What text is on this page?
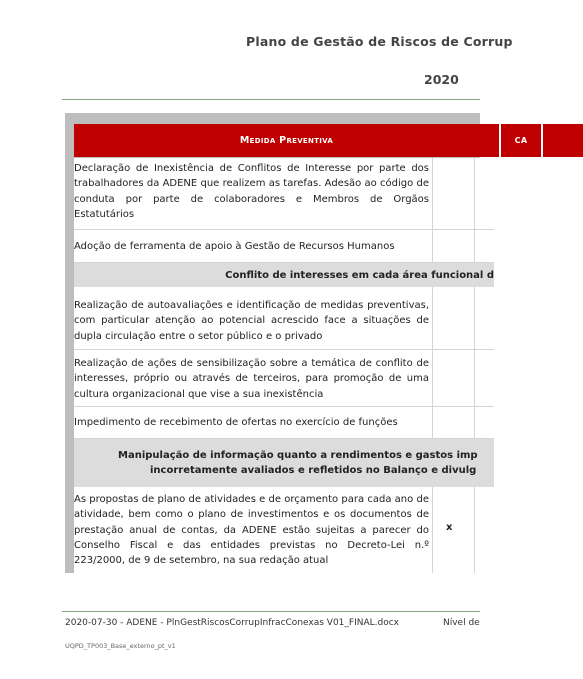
Plano de Gestão de Riscos de Corrup
2020
Medida Preventiva	CA
Declaração de Inexistência de Conflitos de Interesse por parte dos trabalhadores da ADENE que realizem as tarefas. Adesão ao código de conduta por parte de colaboradores e Membros de Orgãos Estatutários
Adoção de ferramenta de apoio à Gestão de Recursos Humanos
Conflito de interesses em cada área funcional d
Realização de autoavaliações e identificação de medidas preventivas, com particular atenção ao potencial acrescido face a situações de dupla circulação entre o setor público e o privado
Realização de ações de sensibilização sobre a temática de conflito de interesses, próprio ou através de terceiros, para promoção de uma cultura organizacional que vise a sua inexistência
Impedimento de recebimento de ofertas no exercício de funções
Manipulação de informação quanto a rendimentos e gastos imp
incorretamente avaliados e refletidos no Balanço e divulg
As propostas de plano de atividades e de orçamento para cada ano de atividade, bem como o plano de investimentos e os documentos de prestação anual de contas, da ADENE estão sujeitas a parecer do Conselho Fiscal e das entidades previstas no Decreto-Lei n.º 223/2000, de 9 de setembro, na sua redação atual
x
2020-07-30 - ADENE - PlnGestRiscosCorrupInfracConexas V01_FINAL.docx	Nível de
UQPD_TP003_Base_externo_pt_v1
